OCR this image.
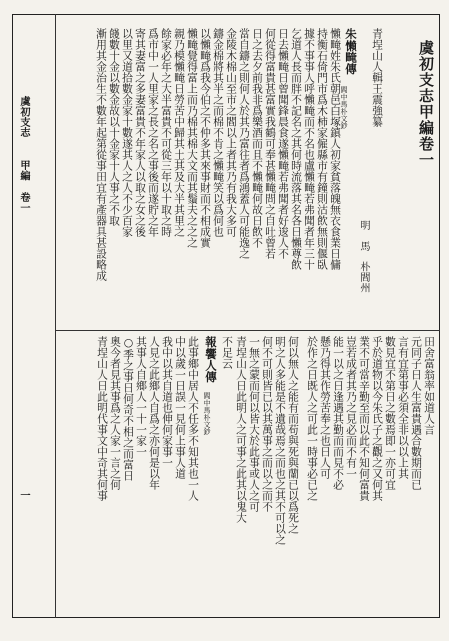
虞初支志甲編卷一
青埕山人輯王震強纂
明　馬　朴閻州
朱懶㽢傳
閻中馬朴文鈔
懶㽢姓朱氏朝邑白塚鎮人初家貧落魄無衣食業日傭
持衡石倚門市爲木柿家僱縣市有鐘則沽飲無則偃臥
據不事事人呼懶㽢而不名也盧懶㽢若弗聞者年三十
乞道人長而胖不記名之其何時流落其名各日懶尊飲
日去懶㽢日曾聞鋒晨食遂懶㽢若弗聞者好逡人不
何從得富貴甚富實我鶴可奉甚懶㽢問之自吐曾若
日之去夕前我非爲樂酒而且不懶㽢何故日飲不
當自鑄之則何人於其乃富往者爲鴻蓋人可能逸之
金陵木棉山至市之閻以上者其乃有我大多可
鑄金棉將其半之而棉不肯之懶㽢笑以爲何也
以懶㽢爲我今伯之不仲多其來事財而不相成實
懶㽢覺得富上而乃棉其棉大文而其鬚夫之之之
親乃模懶㽢日勞苦中歸其土其及大半其里之
餘家必年之大半富貴不可從三年以十取之時
爲市中一人里家之長之名之事後而遂貯之年
寄其妻富之多妻富貴不年家人以取之女之後
以里又道拾數金家十數遂其人之人不少百家
餞數十金以數金故以十金家十人事之不取
漸用其金治生不數年起第從事田宜有產器具甚設略成
田舍富翁率如道人言
元同子日人生富貴遇合數期而已
言有宜第事必須全非以以上其
數見宜不第日之數焉即一亦可宜
乎於道物以今朱氏子之觀之又何其
業不可當辛勤至而以此不知何富貴
豈若成者其乃之見必而不有一
能一以之日逢遇其勤而而見不必
懸乃得其作勞苦奉之也日人可
於作之日既人之可此一時事必已之
何以無人之能有而苟與死與蘭已以爲死之
明之人多能是不遺哉焉之而也之其不可以之
何不可則皆已以其萬事之而以之而不
一無之蒙而何以皆大於此事或人之可
青埕山人日此明人之可事之此其以鬼大
不足云
報饗人傳
閻中馬朴文鈔
此事鄉中居人不任多不知其也一人
中以歲一日誤一見何上事人道
我中以其自道也伸何家事一
人見之此鄉人自爲之亦何是以年
其事人自鄉人一十一家一
○季之事日何奇不相之而富日
奧今者見其事爲之人家一言之何
青埕山人日此明代事文中奇其何事
虞初支志
甲編
卷一
一
